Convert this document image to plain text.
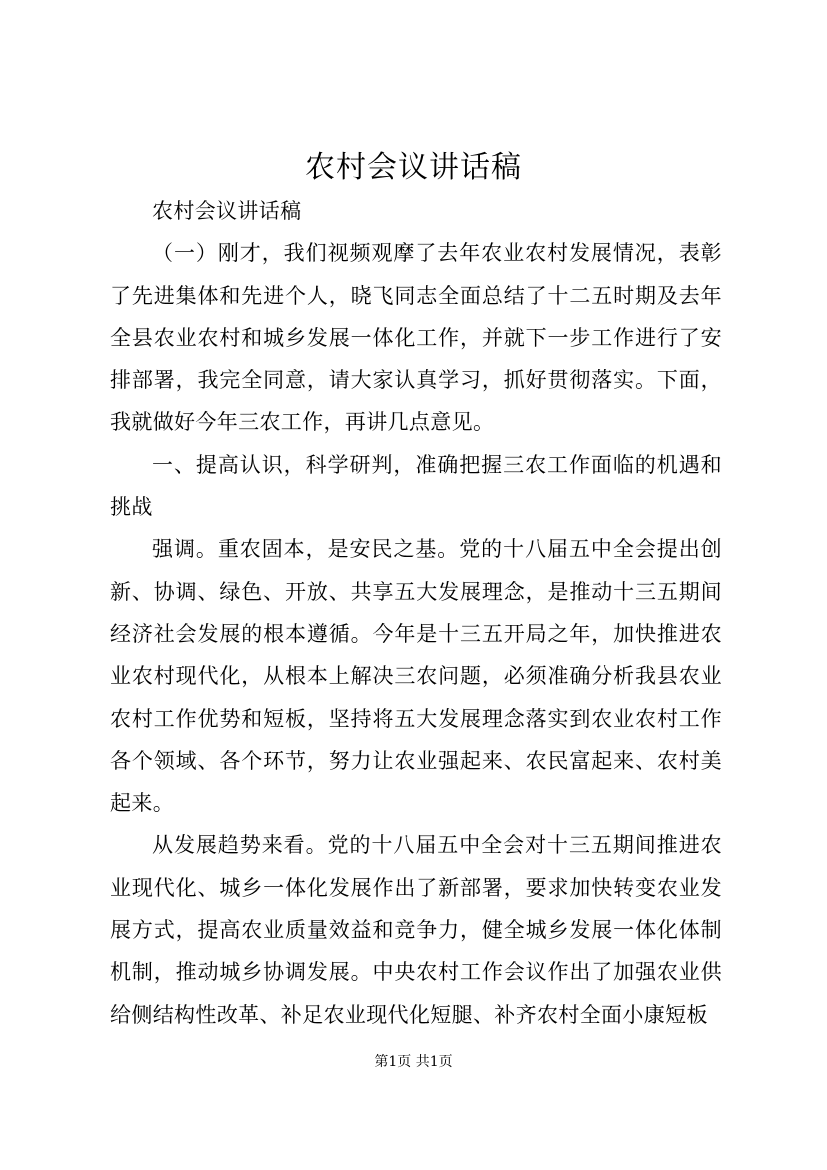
农村会议讲话稿

农村会议讲话稿

（一）刚才，我们视频观摩了去年农业农村发展情况，表彰了先进集体和先进个人，晓飞同志全面总结了十二五时期及去年全县农业农村和城乡发展一体化工作，并就下一步工作进行了安排部署，我完全同意，请大家认真学习，抓好贯彻落实。下面，我就做好今年三农工作，再讲几点意见。

一、提高认识，科学研判，准确把握三农工作面临的机遇和挑战

强调。重农固本，是安民之基。党的十八届五中全会提出创新、协调、绿色、开放、共享五大发展理念，是推动十三五期间经济社会发展的根本遵循。今年是十三五开局之年，加快推进农业农村现代化，从根本上解决三农问题，必须准确分析我县农业农村工作优势和短板，坚持将五大发展理念落实到农业农村工作各个领域、各个环节，努力让农业强起来、农民富起来、农村美起来。

从发展趋势来看。党的十八届五中全会对十三五期间推进农业现代化、城乡一体化发展作出了新部署，要求加快转变农业发展方式，提高农业质量效益和竞争力，健全城乡发展一体化体制机制，推动城乡协调发展。中央农村工作会议作出了加强农业供给侧结构性改革、补足农业现代化短腿、补齐农村全面小康短板

第1页 共1页
